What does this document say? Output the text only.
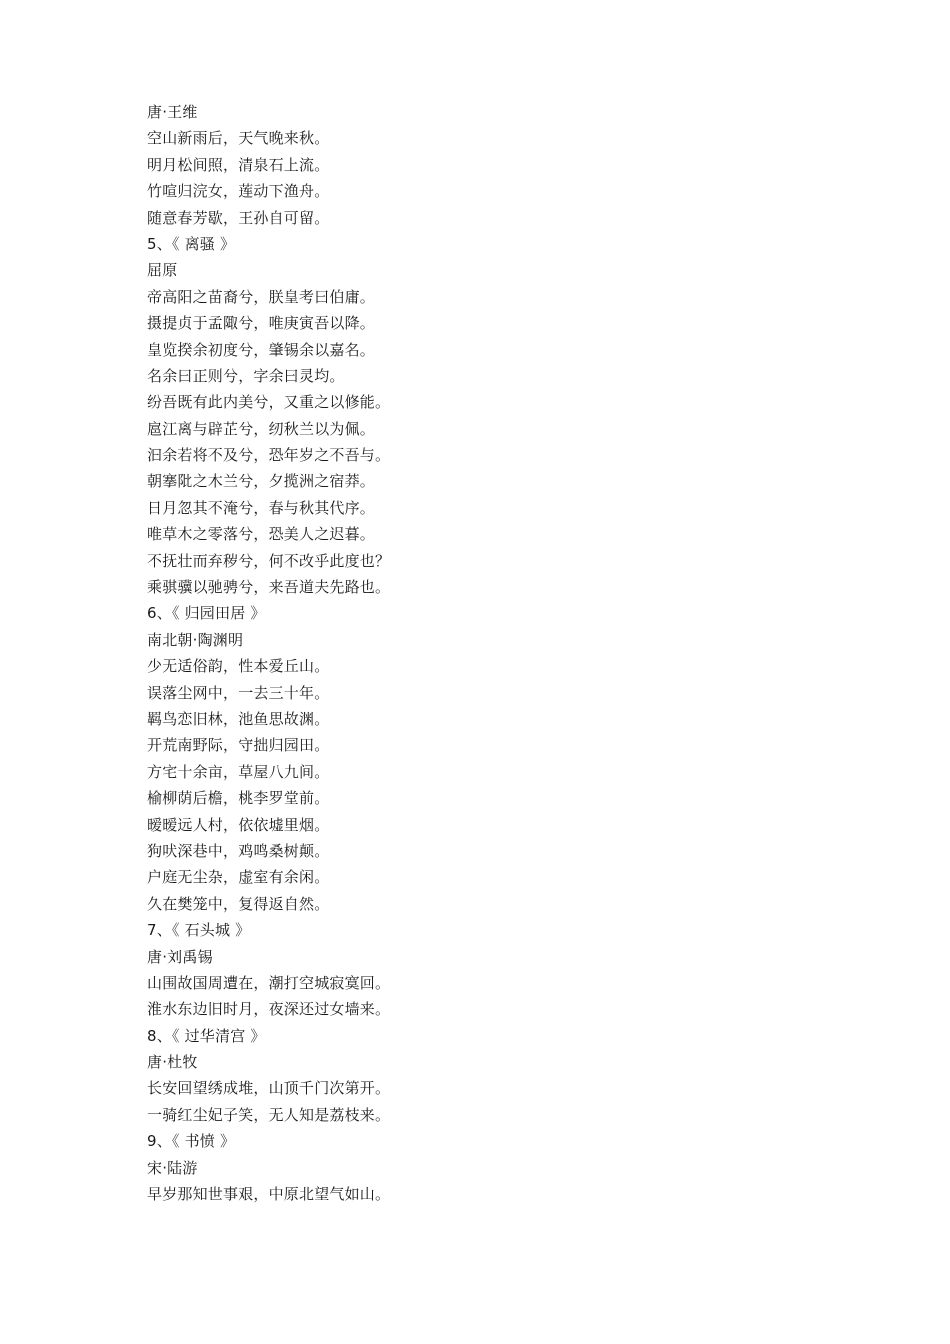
唐·王维
空山新雨后，天气晚来秋。
明月松间照，清泉石上流。
竹喧归浣女，莲动下渔舟。
随意春芳歇，王孙自可留。
5、《 离骚 》
屈原
帝高阳之苗裔兮，朕皇考曰伯庸。
摄提贞于孟陬兮，唯庚寅吾以降。
皇览揆余初度兮，肇锡余以嘉名。
名余曰正则兮，字余曰灵均。
纷吾既有此内美兮，又重之以修能。
扈江离与辟芷兮，纫秋兰以为佩。
汩余若将不及兮，恐年岁之不吾与。
朝搴阰之木兰兮，夕揽洲之宿莽。
日月忽其不淹兮，春与秋其代序。
唯草木之零落兮，恐美人之迟暮。
不抚壮而弃秽兮，何不改乎此度也？
乘骐骥以驰骋兮，来吾道夫先路也。
6、《 归园田居 》
南北朝·陶渊明
少无适俗韵，性本爱丘山。
误落尘网中，一去三十年。
羁鸟恋旧林，池鱼思故渊。
开荒南野际，守拙归园田。
方宅十余亩，草屋八九间。
榆柳荫后檐，桃李罗堂前。
暧暧远人村，依依墟里烟。
狗吠深巷中，鸡鸣桑树颠。
户庭无尘杂，虚室有余闲。
久在樊笼中，复得返自然。
7、《 石头城 》
唐·刘禹锡
山围故国周遭在，潮打空城寂寞回。
淮水东边旧时月，夜深还过女墙来。
8、《 过华清宫 》
唐·杜牧
长安回望绣成堆，山顶千门次第开。
一骑红尘妃子笑，无人知是荔枝来。
9、《 书愤 》
宋·陆游
早岁那知世事艰，中原北望气如山。
